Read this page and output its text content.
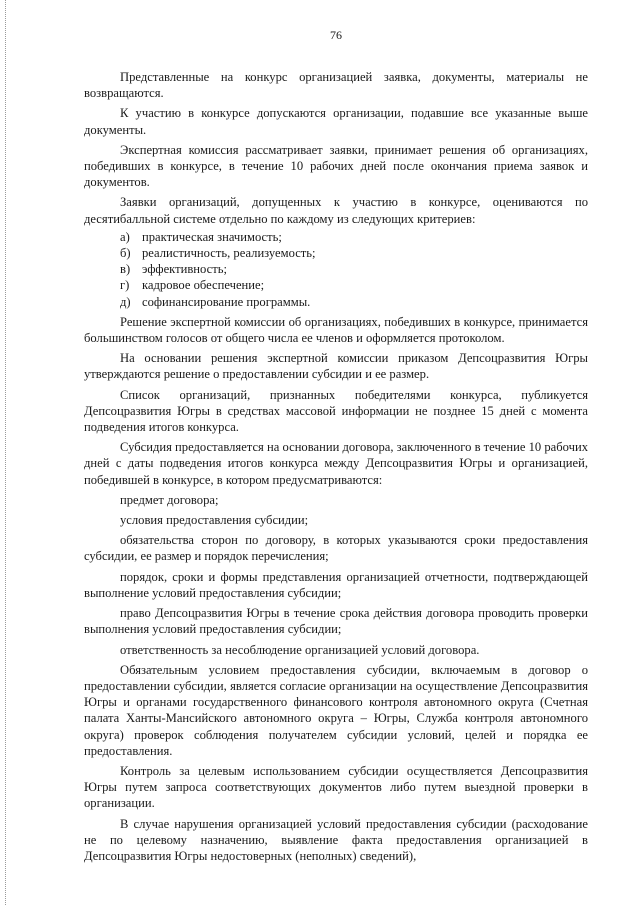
76

Представленные на конкурс организацией заявка, документы, материалы не возвращаются.

К участию в конкурсе допускаются организации, подавшие все указанные выше документы.

Экспертная комиссия рассматривает заявки, принимает решения об организациях, победивших в конкурсе, в течение 10 рабочих дней после окончания приема заявок и документов.

Заявки организаций, допущенных к участию в конкурсе, оцениваются по десятибалльной системе отдельно по каждому из следующих критериев:

а) практическая значимость;

б) реалистичность, реализуемость;

в) эффективность;

г) кадровое обеспечение;

д) софинансирование программы.

Решение экспертной комиссии об организациях, победивших в конкурсе, принимается большинством голосов от общего числа ее членов и оформляется протоколом.

На основании решения экспертной комиссии приказом Депсоцразвития Югры утверждаются решение о предоставлении субсидии и ее размер.

Список организаций, признанных победителями конкурса, публикуется Депсоцразвития Югры в средствах массовой информации не позднее 15 дней с момента подведения итогов конкурса.

Субсидия предоставляется на основании договора, заключенного в течение 10 рабочих дней с даты подведения итогов конкурса между Депсоцразвития Югры и организацией, победившей в конкурсе, в котором предусматриваются:

предмет договора;

условия предоставления субсидии;

обязательства сторон по договору, в которых указываются сроки предоставления субсидии, ее размер и порядок перечисления;

порядок, сроки и формы представления организацией отчетности, подтверждающей выполнение условий предоставления субсидии;

право Депсоцразвития Югры в течение срока действия договора проводить проверки выполнения условий предоставления субсидии;

ответственность за несоблюдение организацией условий договора.

Обязательным условием предоставления субсидии, включаемым в договор о предоставлении субсидии, является согласие организации на осуществление Депсоцразвития Югры и органами государственного финансового контроля автономного округа (Счетная палата Ханты-Мансийского автономного округа – Югры, Служба контроля автономного округа) проверок соблюдения получателем субсидии условий, целей и порядка ее предоставления.

Контроль за целевым использованием субсидии осуществляется Депсоцразвития Югры путем запроса соответствующих документов либо путем выездной проверки в организации.

В случае нарушения организацией условий предоставления субсидии (расходование не по целевому назначению, выявление факта предоставления организацией в Депсоцразвития Югры недостоверных (неполных) сведений),
